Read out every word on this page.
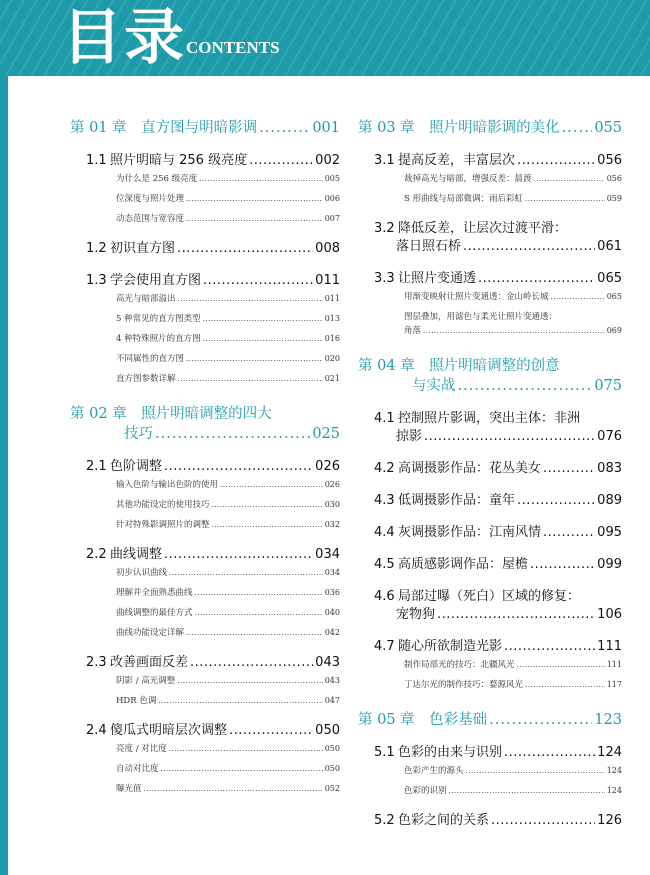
目录 CONTENTS
第 01 章　直方图与明暗影调 .....	001
1.1 照片明暗与 256 级亮度 .....	002
为什么是 256 级亮度 .....	005
位深度与照片处理 .....	006
动态范围与宽容度 .....	007
1.2 初识直方图 .....	008
1.3 学会使用直方图 .....	011
高光与暗部溢出 .....	011
5 种常见的直方图类型 .....	013
4 种特殊照片的直方图 .....	016
不同属性的直方图 .....	020
直方图参数详解 .....	021
第 02 章　照片明暗调整的四大
技巧 .....	025
2.1 色阶调整 .....	026
输入色阶与输出色阶的使用 .....	026
其他功能设定的使用技巧 .....	030
针对特殊影调照片的调整 .....	032
2.2 曲线调整 .....	034
初步认识曲线 .....	034
理解并全面熟悉曲线 .....	036
曲线调整的最佳方式 .....	040
曲线功能设定详解 .....	042
2.3 改善画面反差 .....	043
阴影 / 高光调整 .....	043
HDR 色调 .....	047
2.4 傻瓜式明暗层次调整 .....	050
亮度 / 对比度 .....	050
自动对比度 .....	050
曝光值 .....	052
第 03 章　照片明暗影调的美化 ..... 055
3.1 提高反差，丰富层次 .....	056
裁掉高光与暗部，增强反差：晨渡 .....	056
S 形曲线与局部微调：雨后彩虹 .....	059
3.2 降低反差，让层次过渡平滑：
落日照石桥 .....	061
3.3 让照片变通透 .....	065
用渐变映射让照片变通透：金山岭长城 .....	065
图层叠加，用滤色与柔光让照片变通透：
角落 .....	069
第 04 章　照片明暗调整的创意
与实战 .....	075
4.1 控制照片影调，突出主体：非洲
掠影 .....	076
4.2 高调摄影作品：花丛美女 .....	083
4.3 低调摄影作品：童年 .....	089
4.4 灰调摄影作品：江南风情 .....	095
4.5 高质感影调作品：屋檐 .....	099
4.6 局部过曝（死白）区域的修复：
宠物狗 .....	106
4.7 随心所欲制造光影 .....	111
制作局部光的技巧：北疆风光 .....	111
丁达尔光的制作技巧：婺源风光 .....	117
第 05 章　色彩基础 .....	123
5.1 色彩的由来与识别 .....	124
色彩产生的源头 .....	124
色彩的识别 .....	124
5.2 色彩之间的关系 .....	126
